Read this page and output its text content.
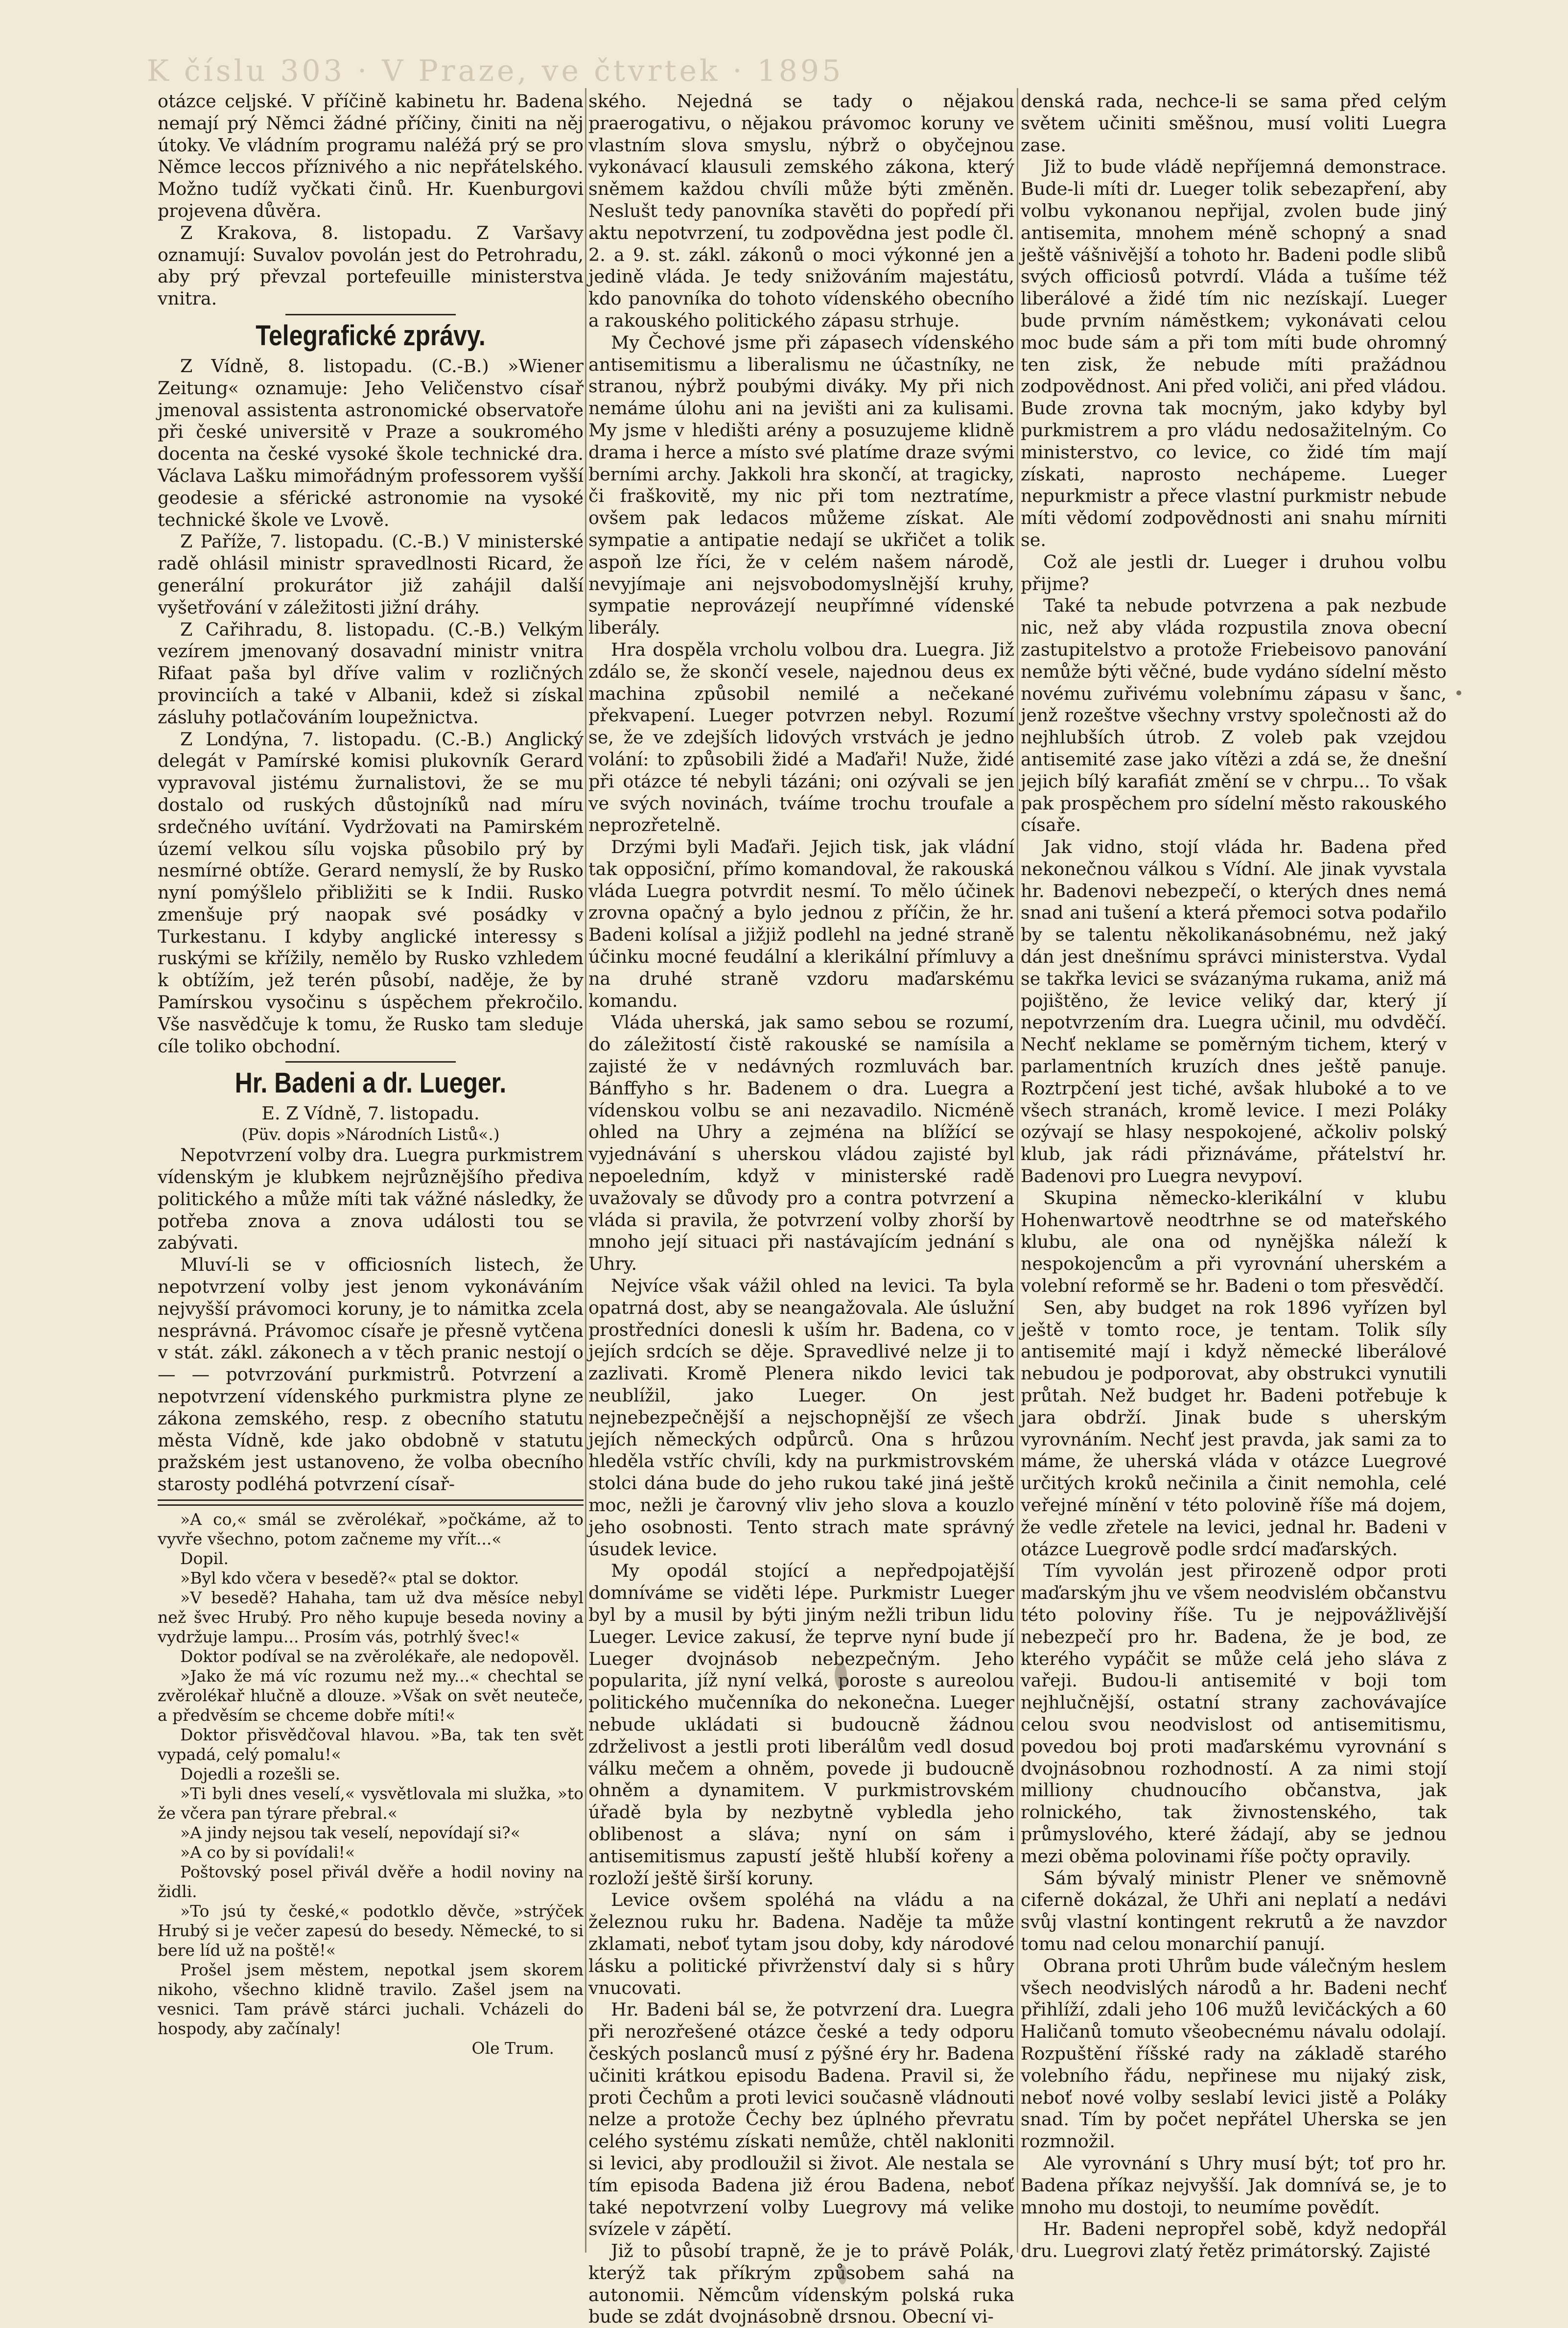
K číslu 303 · V Praze, ve čtvrtek · 1895

otázce celjské. V příčině kabinetu hr. Badena nemají prý Němci žádné příčiny, činiti na něj útoky. Ve vládním programu naléžá prý se pro Němce leccos příznivého a nic nepřátelského. Možno tudíž vyčkati činů. Hr. Kuenburgovi projevena důvěra.

Z Krakova, 8. listopadu. Z Varšavy oznamují: Suvalov povolán jest do Petrohradu, aby prý převzal portefeuille ministerstva vnitra.

Telegrafické zprávy.

Z Vídně, 8. listopadu. (C.-B.) »Wiener Zeitung« oznamuje: Jeho Veličenstvo císař jmenoval assistenta astronomické observatoře při české universitě v Praze a soukromého docenta na české vysoké škole technické dra. Václava Lašku mimořádným professorem vyšší geodesie a sférické astronomie na vysoké technické škole ve Lvově.

Z Paříže, 7. listopadu. (C.-B.) V ministerské radě ohlásil ministr spravedlnosti Ricard, že generální prokurátor již zahájil další vyšetřování v záležitosti jižní dráhy.

Z Cařihradu, 8. listopadu. (C.-B.) Velkým vezírem jmenovaný dosavadní ministr vnitra Rifaat paša byl dříve valim v rozličných provinciích a také v Albanii, kdež si získal zásluhy potlačováním loupežnictva.

Z Londýna, 7. listopadu. (C.-B.) Anglický delegát v Pamírské komisi plukovník Gerard vypravoval jistému žurnalistovi, že se mu dostalo od ruských důstojníků nad míru srdečného uvítání. Vydržovati na Pamirském území velkou sílu vojska působilo prý by nesmírné obtíže. Gerard nemyslí, že by Rusko nyní pomýšlelo přibližiti se k Indii. Rusko zmenšuje prý naopak své posádky v Turkestanu. I kdyby anglické interessy s ruskými se křížily, nemělo by Rusko vzhledem k obtížím, jež terén působí, naděje, že by Pamírskou vysočinu s úspěchem překročilo. Vše nasvědčuje k tomu, že Rusko tam sleduje cíle toliko obchodní.

Hr. Badeni a dr. Lueger.

E. Z Vídně, 7. listopadu.

(Püv. dopis »Národních Listů«.)

Nepotvrzení volby dra. Luegra purkmistrem vídenským je klubkem nejrůznějšího předivа politického a může míti tak vážné následky, že potřeba znova a znova události tou se zabývati.

Mluví-li se v officiosních listech, že nepotvrzení volby jest jenom vykonáváním nejvyšší právomoci koruny, je to námitka zcela nesprávná. Právomoc císaře je přesně vytčena v stát. zákl. zákonech a v těch pranic nestojí o — — potvrzování purkmistrů. Potvrzení a nepotvrzení vídenského purkmistra plyne ze zákona zemského, resp. z obecního statutu města Vídně, kde jako obdobně v statutu pražském jest ustanoveno, že volba obecního starosty podléhá potvrzení císař-

»A co,« smál se zvěrolékař, »počkáme, až to vyvře všechno, potom začneme my vřít...«

Dopil.

»Byl kdo včera v besedě?« ptal se doktor.

»V besedě? Hahaha, tam už dva měsíce nebyl než švec Hrubý. Pro něho kupuje beseda noviny a vydržuje lampu... Prosím vás, potrhlý švec!«

Doktor podíval se na zvěrolékaře, ale nedopověl.

»Jako že má víc rozumu než my...« chechtal se zvěrolékař hlučně a dlouze. »Však on svět neuteče, a předvěsím se chceme dobře míti!«

Doktor přisvědčoval hlavou. »Ba, tak ten svět vypadá, celý pomalu!«

Dojedli a rozešli se.

»Ti byli dnes veselí,« vysvětlovala mi služka, »to že včera pan týrare přebral.«

»A jindy nejsou tak veselí, nepovídají si?«

»A co by si povídali!«

Poštovský posel přivál dvěře a hodil noviny na židli.

»To jsú ty české,« podotklo děvče, »strýček Hrubý si je večer zapesú do besedy. Německé, to si bere líd už na poště!«

Prošel jsem městem, nepotkal jsem skorem nikoho, všechno klidně travilo. Zašel jsem na vesnici. Tam právě stárci juchali. Vcházeli do hospody, aby začínaly!

Ole Trum.

ského. Nejedná se tady o nějakou praerogativu, o nějakou právomoc koruny ve vlastním slova smyslu, nýbrž o obyčejnou vykonávací klausuli zemského zákona, který sněmem každou chvíli může býti změněn. Neslušt tedy panovníka stavěti do popředí při aktu nepotvrzení, tu zodpovědna jest podle čl. 2. a 9. st. zákl. zákonů o moci výkonné jen a jedině vláda. Je tedy snižováním majestátu, kdo panovníka do tohoto vídenského obecního a rakouského politického zápasu strhuje.

My Čechové jsme při zápasech vídenského antisemitismu a liberalismu ne účastníky, ne stranou, nýbrž poubými diváky. My při nich nemáme úlohu ani na jevišti ani za kulisami. My jsme v hledišti arény a posuzujeme klidně drama i herce a místo své platíme draze svými berními archy. Jakkoli hra skončí, at tragicky, či fraškovitě, my nic při tom neztratíme, ovšem pak ledacos můžeme získat. Ale sympatie a antipatie nedají se ukřičet a tolik aspoň lze říci, že v celém našem národě, nevyjímaje ani nejsvobodomyslnější kruhy, sympatie neprovázejí neupřímné vídenské liberály.

Hra dospěla vrcholu volbou dra. Luegra. Již zdálo se, že skončí vesele, najednou deus ex machina způsobil nemilé a nečekané překvapení. Lueger potvrzen nebyl. Rozumí se, že ve zdejších lidových vrstvách je jedno volání: to způsobili židé a Maďaři! Nuže, židé při otázce té nebyli tázáni; oni ozývali se jen ve svých novinách, tváíme trochu troufale a neprozřetelně.

Drzými byli Maďaři. Jejich tisk, jak vládní tak opposiční, přímo komandoval, že rakouská vláda Luegra potvrdit nesmí. To mělo účinek zrovna opačný a bylo jednou z příčin, že hr. Badeni kolísal a jižjiž podlehl na jedné straně účinku mocné feudální a klerikální přímluvy a na druhé straně vzdoru maďarskému komandu.

Vláda uherská, jak samo sebou se rozumí, do záležitostí čistě rakouské se namísila a zajisté že v nedávných rozmluvách bar. Bánffyho s hr. Badenem o dra. Luegra a vídenskou volbu se ani nezavadilo. Nicméně ohled na Uhry a zejména na blížící se vyjednávání s uherskou vládou zajisté byl nepoeledním, když v ministerské radě uvažovaly se důvody pro a contra potvrzení a vláda si pravila, že potvrzení volby zhorší by mnoho její situaci při nastávajícím jednání s Uhry.

Nejvíce však vážil ohled na levici. Ta byla opatrná dost, aby se neangažovala. Ale úslužní prostředníci donesli k uším hr. Badena, co v jejích srdcích se děje. Spravedlivé nelze ji to zazlivati. Kromě Plenera nikdo levici tak neublížil, jako Lueger. On jest nejnebezpečnější a nejschopnější ze všech jejích německých odpůrců. Ona s hrůzou hleděla vstříc chvíli, kdy na purkmistrovském stolci dána bude do jeho rukou také jiná ještě moc, nežli je čarovný vliv jeho slova a kouzlo jeho osobnosti. Tento strach mate správný úsudek levice.

My opodál stojící a nepředpojatější domníváme se viděti lépe. Purkmistr Lueger byl by a musil by býti jiným nežli tribun lidu Lueger. Levice zakusí, že teprve nyní bude jí Lueger dvojnásob nebezpečným. Jeho popularita, jíž nyní velká, poroste s aureolou politického mučenníka do nekonečna. Lueger nebude ukládati si budoucně žádnou zdrželivost a jestli proti liberálům vedl dosud válku mečem a ohněm, povede ji budoucně ohněm a dynamitem. V purkmistrovském úřadě byla by nezbytně vybledla jeho oblibenost a sláva; nyní on sám i antisemitismus zapustí ještě hlubší kořeny a rozloží ještě širší koruny.

Levice ovšem spoléhá na vládu a na železnou ruku hr. Badena. Naděje ta může zklamati, neboť tytam jsou doby, kdy národové lásku a politické přivrženství daly si s hůry vnucovati.

Hr. Badeni bál se, že potvrzení dra. Luegra při nerozřešené otázce české a tedy odporu českých poslanců musí z pýšné éry hr. Badena učiniti krátkou episodu Badena. Pravil si, že proti Čechům a proti levici současně vládnouti nelze a protože Čechy bez úplného převratu celého systému získati nemůže, chtěl nakloniti si levici, aby prodloužil si život. Ale nestala se tím episoda Badena již érou Badena, neboť také nepotvrzení volby Luegrovy má velike svízele v zápětí.

Již to působí trapně, že je to právě Polák, kterýž tak příkrým způsobem sahá na autonomii. Němcům vídenským polská ruka bude se zdát dvojnásobně drsnou. Obecní vi-

denská rada, nechce-li se sama před celým světem učiniti směšnou, musí voliti Luegra zase.

Již to bude vládě nepříjemná demonstrace. Bude-li míti dr. Lueger tolik sebezapření, aby volbu vykonanou nepřijal, zvolen bude jiný antisemita, mnohem méně schopný a snad ještě vášnivější a tohoto hr. Badeni podle slibů svých officiosů potvrdí. Vláda a tušíme též liberálové a židé tím nic nezískají. Lueger bude prvním náměstkem; vykonávati celou moc bude sám a při tom míti bude ohromný ten zisk, že nebude míti pražádnou zodpovědnost. Ani před voliči, ani před vládou. Bude zrovna tak mocným, jako kdyby byl purkmistrem a pro vládu nedosažitelným. Co ministerstvo, co levice, co židé tím mají získati, naprosto nechápeme. Lueger nepurkmistr a přece vlastní purkmistr nebude míti vědomí zodpovědnosti ani snahu mírniti se.

Což ale jestli dr. Lueger i druhou volbu přijme?

Také ta nebude potvrzena a pak nezbude nic, než aby vláda rozpustila znova obecní zastupitelstvo a protože Friebeisovo panování nemůže býti věčné, bude vydáno sídelní město novému zuřivému volebnímu zápasu v šanc, jenž rozeštve všechny vrstvy společnosti až do nejhlubších útrob. Z voleb pak vzejdou antisemité zase jako vítězi a zdá se, že dnešní jejich bílý karafiát změní se v chrpu... To však pak prospěchem pro sídelní město rakouského císaře.

Jak vidno, stojí vláda hr. Badena před nekonečnou válkou s Vídní. Ale jinak vyvstala hr. Badenovi nebezpečí, o kterých dnes nemá snad ani tušení a která přemoci sotva podařilo by se talentu několikanásobnému, než jaký dán jest dnešnímu správci ministerstva. Vydal se takřka levici se svázanýma rukama, aniž má pojištěno, že levice veliký dar, který jí nepotvrzením dra. Luegra učinil, mu odvděčí. Nechť neklame se poměrným tichem, který v parlamentních kruzích dnes ještě panuje. Roztrpčení jest tiché, avšak hluboké a to ve všech stranách, kromě levice. I mezi Poláky ozývají se hlasy nespokojené, ačkoliv polský klub, jak rádi přiznáváme, přátelství hr. Badenovi pro Luegra nevypoví.

Skupina německo-klerikální v klubu Hohenwartově neodtrhne se od mateřského klubu, ale ona od nynějška náleží k nespokojencům a při vyrovnání uherském a volební reformě se hr. Badeni o tom přesvědčí.

Sen, aby budget na rok 1896 vyřízen byl ještě v tomto roce, je tentam. Tolik síly antisemité mají i když německé liberálové nebudou je podporovat, aby obstrukci vynutili průtah. Než budget hr. Badeni potřebuje k jara obdrží. Jinak bude s uherským vyrovnáním. Nechť jest pravda, jak sami za to máme, že uherská vláda v otázce Luegrové určitých kroků nečinila a činit nemohla, celé veřejné mínění v této polovině říše má dojem, že vedle zřetele na levici, jednal hr. Badeni v otázce Luegrově podle srdcí maďarských.

Tím vyvolán jest přirozeně odpor proti maďarským jhu ve všem neodvislém občanstvu této poloviny říše. Tu je nejpovážlivější nebezpečí pro hr. Badena, že je bod, ze kterého vypáčit se může celá jeho sláva z vařeji. Budou-li antisemité v boji tom nejhlučnější, ostatní strany zachovávajíce celou svou neodvislost od antisemitismu, povedou boj proti maďarskému vyrovnání s dvojnásobnou rozhodností. A za nimi stojí milliony chudnoucího občanstva, jak rolnického, tak živnostenského, tak průmyslového, které žádají, aby se jednou mezi oběma polovinami říše počty opravily.

Sám bývalý ministr Plener ve sněmovně ciferně dokázal, že Uhři ani neplatí a nedávi svůj vlastní kontingent rekrutů a že navzdor tomu nad celou monarchií panují.

Obrana proti Uhrům bude válečným heslem všech neodvislých národů a hr. Badeni nechť přihlíží, zdali jeho 106 mužů levičáckých a 60 Haličanů tomuto všeobecnému návalu odolají. Rozpuštění říšské rady na základě starého volebního řádu, nepřinese mu nijaký zisk, neboť nové volby seslabí levici jistě a Poláky snad. Tím by počet nepřátel Uherska se jen rozmnožil.

Ale vyrovnání s Uhry musí být; toť pro hr. Badena příkaz nejvyšší. Jak domnívá se, je to mnoho mu dostoji, to neumíme povědít.

Hr. Badeni nepropřel sobě, když nedopřál dru. Luegrovi zlatý řetěz primátorský. Zajisté
